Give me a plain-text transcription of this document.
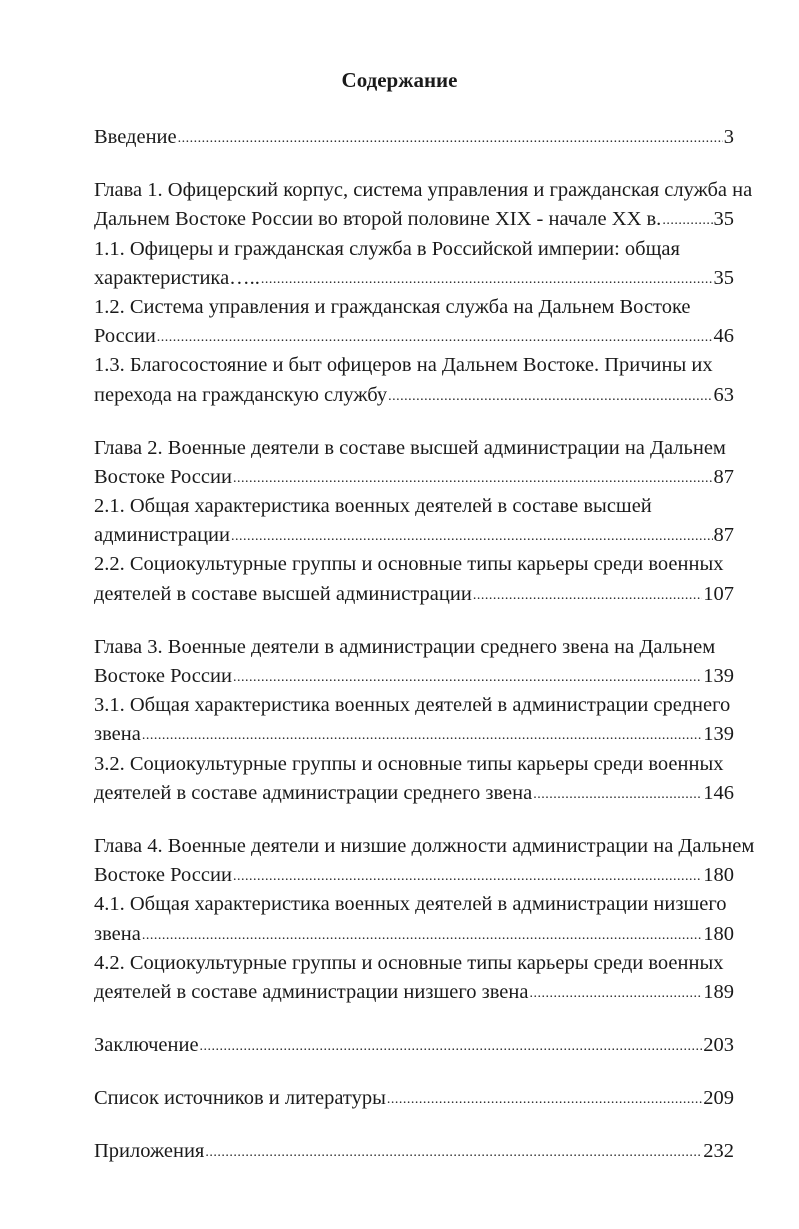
Содержание
Введение .....	3
Глава 1. Офицерский корпус, система управления и гражданская служба на
Дальнем Востоке России во второй половине XIX - начале XX в. .....	35
1.1. Офицеры и гражданская служба в Российской империи: общая
характеристика….. .....	35
1.2. Система управления и гражданская служба на Дальнем Востоке
России .....	46
1.3. Благосостояние и быт офицеров на Дальнем Востоке. Причины их
перехода на гражданскую службу .....	63
Глава 2. Военные деятели в составе высшей администрации на Дальнем
Востоке России .....	87
2.1. Общая характеристика военных деятелей в составе высшей
администрации .....	87
2.2. Социокультурные группы и основные типы карьеры среди военных
деятелей в составе высшей администрации .....	107
Глава 3. Военные деятели в администрации среднего звена на Дальнем
Востоке России .....	139
3.1. Общая характеристика военных деятелей в администрации среднего
звена .....	139
3.2. Социокультурные группы и основные типы карьеры среди военных
деятелей в составе администрации среднего звена .....	146
Глава 4. Военные деятели и низшие должности администрации на Дальнем
Востоке России .....	180
4.1. Общая характеристика военных деятелей в администрации низшего
звена .....	180
4.2. Социокультурные группы и основные типы карьеры среди военных
деятелей в составе администрации низшего звена .....	189
Заключение .....	203
Список источников и литературы .....	209
Приложения .....	232
